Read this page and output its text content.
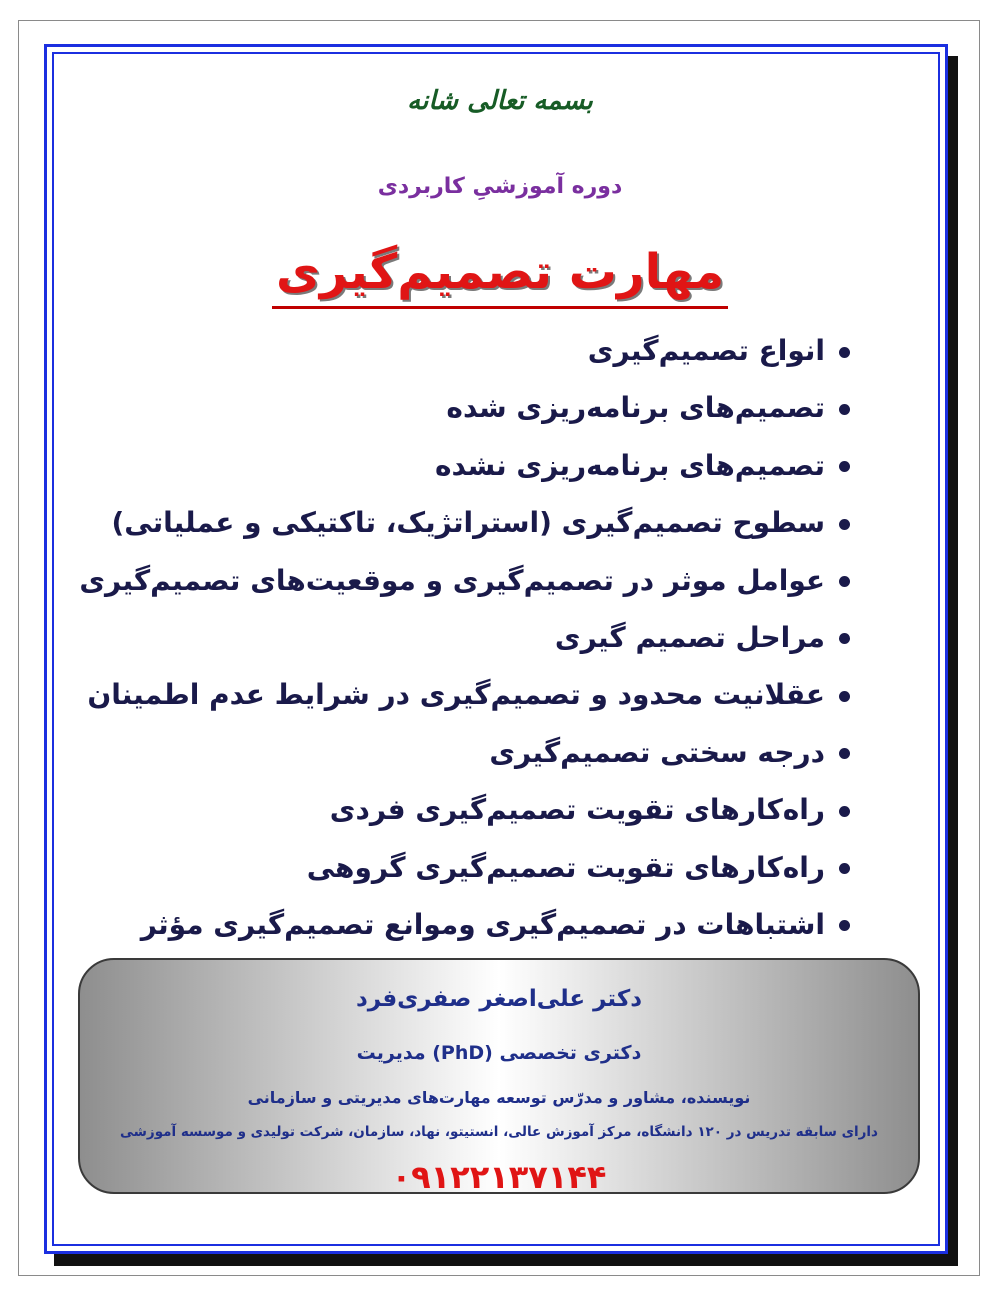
بسمه تعالی شانه
دوره آموزشیِ کاربردی
مهارت تصمیم‌گیری
انواع تصمیم‌گیری
تصمیم‌های برنامه‌ریزی شده
تصمیم‌های برنامه‌ریزی نشده
سطوح تصمیم‌گیری (استراتژیک، تاکتیکی و عملیاتی)
عوامل موثر در تصمیم‌گیری و موقعیت‌های تصمیم‌گیری
مراحل تصمیم گیری
عقلانیت محدود و تصمیم‌گیری در شرایط عدم اطمینان
درجه سختی تصمیم‌گیری
راه‌کارهای تقویت تصمیم‌گیری فردی
راه‌کارهای تقویت تصمیم‌گیری گروهی
اشتباهات در تصمیم‌گیری وموانع تصمیم‌گیری مؤثر
دکتر علی‌اصغر صفری‌فرد
دکتری تخصصی (PhD) مدیریت
نویسنده، مشاور و مدرّس توسعه مهارت‌های مدیریتی و سازمانی
دارای سابقه تدریس در ۱۲۰ دانشگاه، مرکز آموزش عالی، انستیتو، نهاد، سازمان، شرکت تولیدی و موسسه آموزشی
۰۹۱۲۲۱۳۷۱۴۴
